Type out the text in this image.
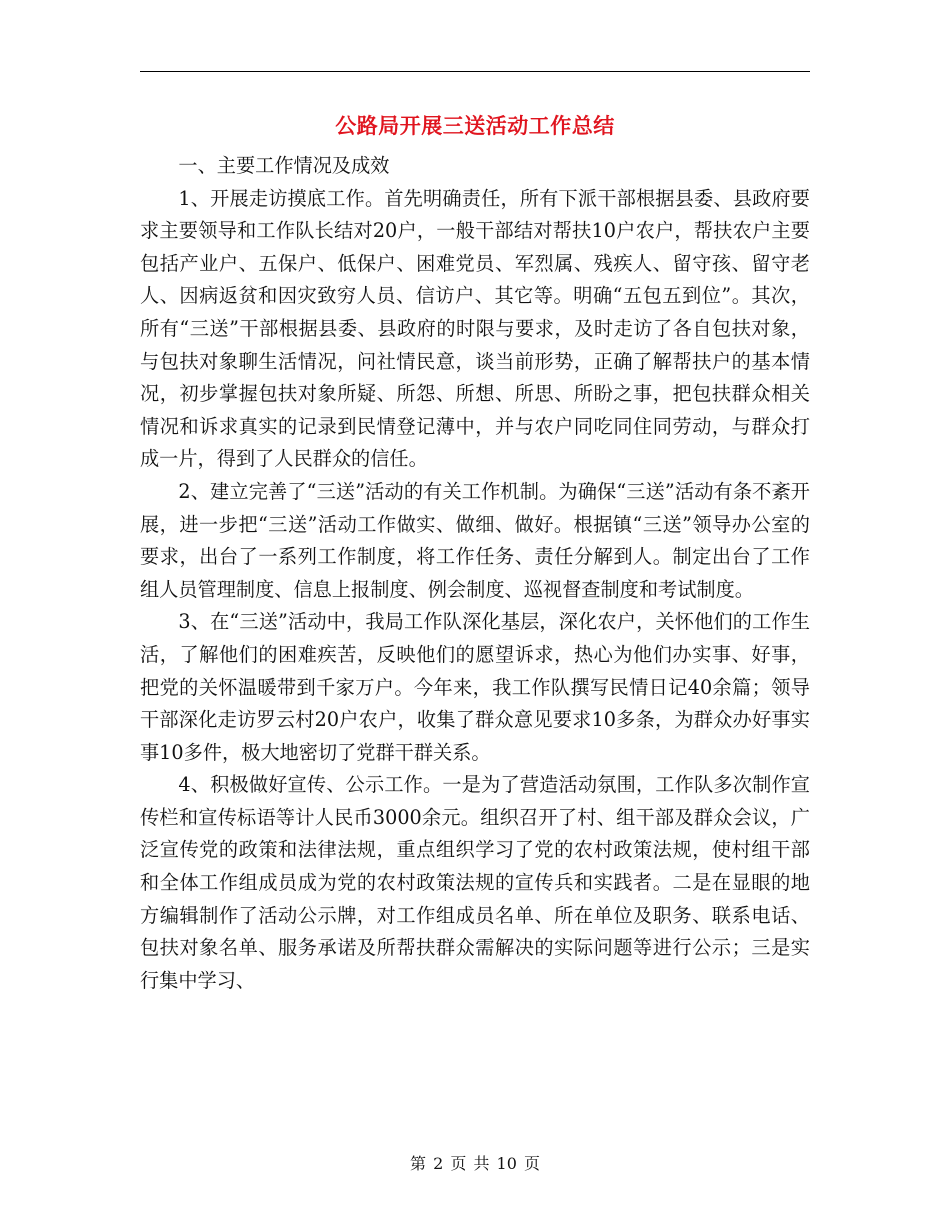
公路局开展三送活动工作总结

一、主要工作情况及成效

1、开展走访摸底工作。首先明确责任，所有下派干部根据县委、县政府要求主要领导和工作队长结对20户，一般干部结对帮扶10户农户，帮扶农户主要包括产业户、五保户、低保户、困难党员、军烈属、残疾人、留守孩、留守老人、因病返贫和因灾致穷人员、信访户、其它等。明确“五包五到位”。其次，所有“三送”干部根据县委、县政府的时限与要求，及时走访了各自包扶对象，与包扶对象聊生活情况，问社情民意，谈当前形势，正确了解帮扶户的基本情况，初步掌握包扶对象所疑、所怨、所想、所思、所盼之事，把包扶群众相关情况和诉求真实的记录到民情登记薄中，并与农户同吃同住同劳动，与群众打成一片，得到了人民群众的信任。

2、建立完善了“三送”活动的有关工作机制。为确保“三送”活动有条不紊开展，进一步把“三送”活动工作做实、做细、做好。根据镇“三送”领导办公室的要求，出台了一系列工作制度，将工作任务、责任分解到人。制定出台了工作组人员管理制度、信息上报制度、例会制度、巡视督查制度和考试制度。

3、在“三送”活动中，我局工作队深化基层，深化农户，关怀他们的工作生活，了解他们的困难疾苦，反映他们的愿望诉求，热心为他们办实事、好事，把党的关怀温暖带到千家万户。今年来，我工作队撰写民情日记40余篇；领导干部深化走访罗云村20户农户，收集了群众意见要求10多条，为群众办好事实事10多件，极大地密切了党群干群关系。

4、积极做好宣传、公示工作。一是为了营造活动氛围，工作队多次制作宣传栏和宣传标语等计人民币3000余元。组织召开了村、组干部及群众会议，广泛宣传党的政策和法律法规，重点组织学习了党的农村政策法规，使村组干部和全体工作组成员成为党的农村政策法规的宣传兵和实践者。二是在显眼的地方编辑制作了活动公示牌，对工作组成员名单、所在单位及职务、联系电话、包扶对象名单、服务承诺及所帮扶群众需解决的实际问题等进行公示；三是实行集中学习、

第 2 页 共 10 页
